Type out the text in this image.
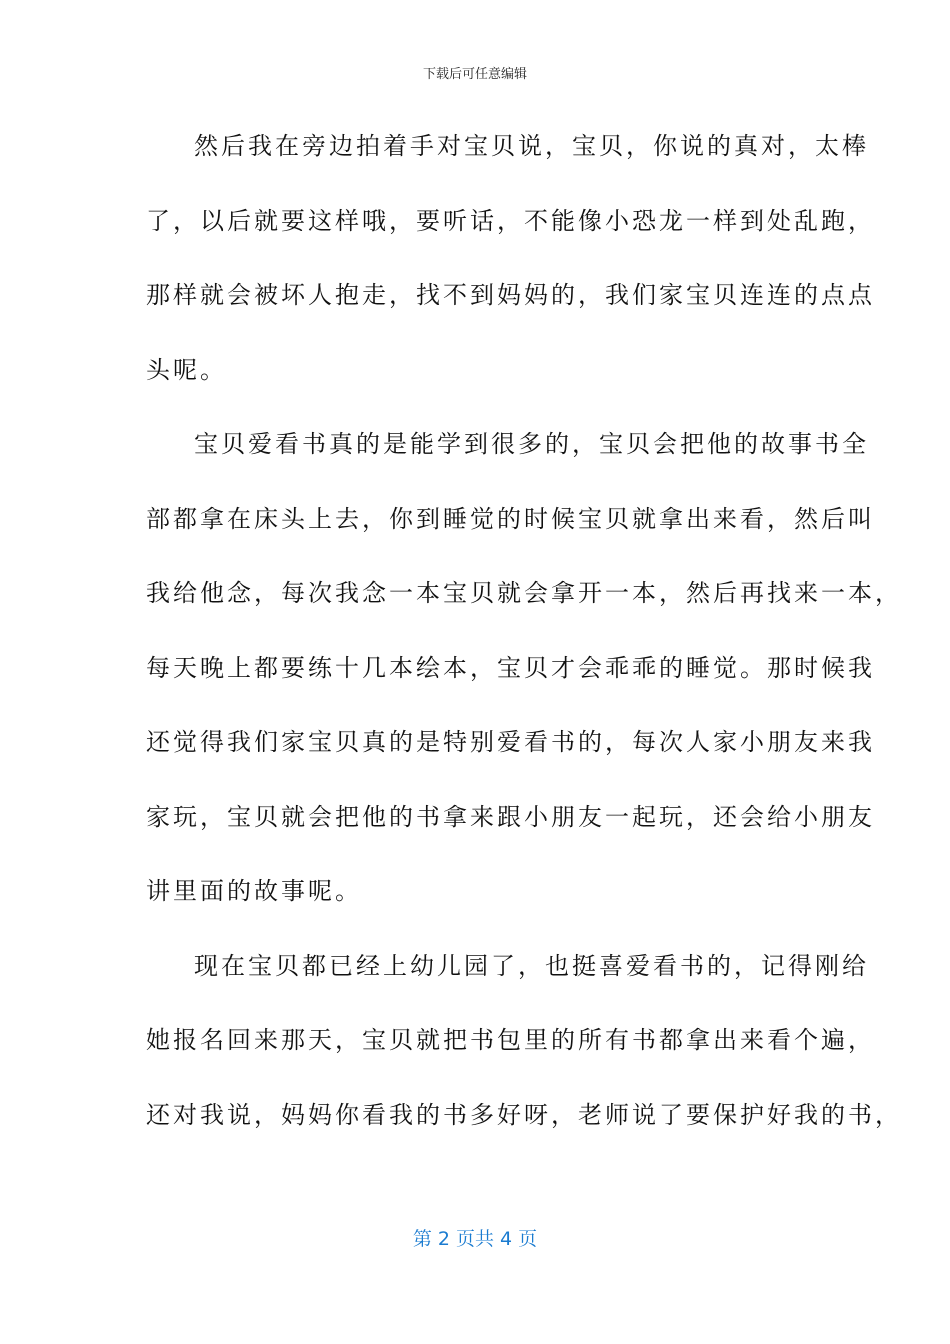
下载后可任意编辑
然后我在旁边拍着手对宝贝说，宝贝，你说的真对，太棒
了，以后就要这样哦，要听话，不能像小恐龙一样到处乱跑，
那样就会被坏人抱走，找不到妈妈的，我们家宝贝连连的点点
头呢。
宝贝爱看书真的是能学到很多的，宝贝会把他的故事书全
部都拿在床头上去，你到睡觉的时候宝贝就拿出来看，然后叫
我给他念，每次我念一本宝贝就会拿开一本，然后再找来一本，
每天晚上都要练十几本绘本，宝贝才会乖乖的睡觉。那时候我
还觉得我们家宝贝真的是特别爱看书的，每次人家小朋友来我
家玩，宝贝就会把他的书拿来跟小朋友一起玩，还会给小朋友
讲里面的故事呢。
现在宝贝都已经上幼儿园了，也挺喜爱看书的，记得刚给
她报名回来那天，宝贝就把书包里的所有书都拿出来看个遍，
还对我说，妈妈你看我的书多好呀，老师说了要保护好我的书，
第 2 页共 4 页
